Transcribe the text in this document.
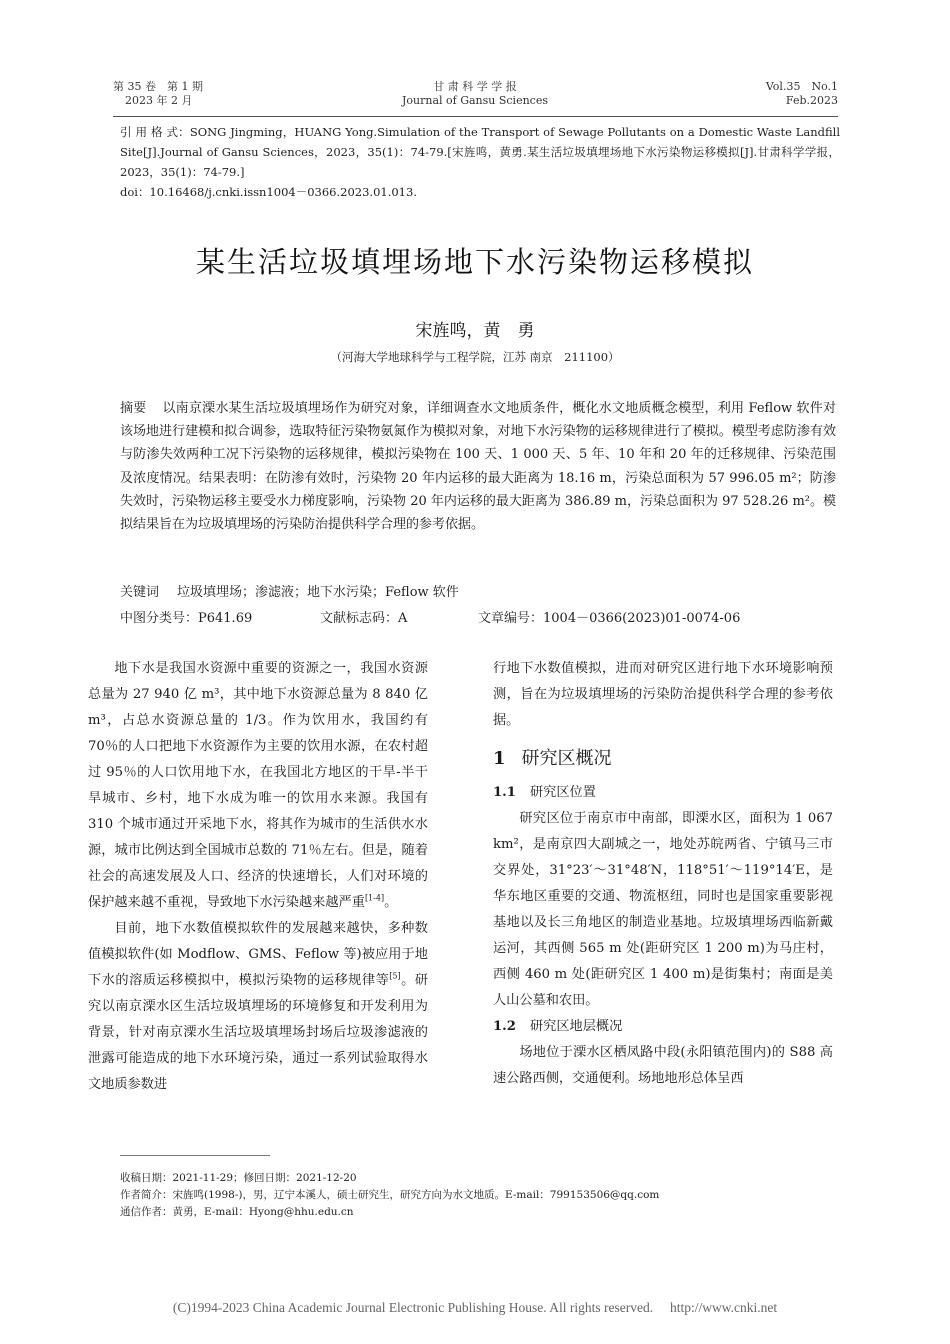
第 35 卷　第 1 期
2023 年 2 月
甘 肃 科 学 学 报
Journal of Gansu Sciences
Vol.35　No.1
Feb.2023
引 用 格 式：SONG Jingming，HUANG Yong.Simulation of the Transport of Sewage Pollutants on a Domestic Waste Landfill Site[J].Journal of Gansu Sciences，2023，35(1)：74-79.[宋旌鸣，黄勇.某生活垃圾填埋场地下水污染物运移模拟[J].甘肃科学学报，2023，35(1)：74-79.]
doi：10.16468/j.cnki.issn1004－0366.2023.01.013.
某生活垃圾填埋场地下水污染物运移模拟
宋旌鸣，黄　勇
（河海大学地球科学与工程学院，江苏 南京　211100）
摘要 以南京溧水某生活垃圾填埋场作为研究对象，详细调查水文地质条件，概化水文地质概念模型，利用 Feflow 软件对该场地进行建模和拟合调参，选取特征污染物氨氮作为模拟对象，对地下水污染物的运移规律进行了模拟。模型考虑防渗有效与防渗失效两种工况下污染物的运移规律，模拟污染物在 100 天、1 000 天、5 年、10 年和 20 年的迁移规律、污染范围及浓度情况。结果表明：在防渗有效时，污染物 20 年内运移的最大距离为 18.16 m，污染总面积为 57 996.05 m²；防渗失效时，污染物运移主要受水力梯度影响，污染物 20 年内运移的最大距离为 386.89 m，污染总面积为 97 528.26 m²。模拟结果旨在为垃圾填埋场的污染防治提供科学合理的参考依据。
关键词 垃圾填埋场；渗滤液；地下水污染；Feflow 软件
中图分类号：P641.69	文献标志码：A	文章编号：1004－0366(2023)01-0074-06

地下水是我国水资源中重要的资源之一，我国水资源总量为 27 940 亿 m³，其中地下水资源总量为 8 840 亿 m³，占总水资源总量的 1/3。作为饮用水，我国约有 70％的人口把地下水资源作为主要的饮用水源，在农村超过 95％的人口饮用地下水，在我国北方地区的干旱-半干旱城市、乡村，地下水成为唯一的饮用水来源。我国有 310 个城市通过开采地下水，将其作为城市的生活供水水源，城市比例达到全国城市总数的 71％左右。但是，随着社会的高速发展及人口、经济的快速增长，人们对环境的保护越来越不重视，导致地下水污染越来越严重[1-4]。

目前，地下水数值模拟软件的发展越来越快，多种数值模拟软件(如 Modflow、GMS、Feflow 等)被应用于地下水的溶质运移模拟中，模拟污染物的运移规律等[5]。研究以南京溧水区生活垃圾填埋场的环境修复和开发利用为背景，针对南京溧水生活垃圾填埋场封场后垃圾渗滤液的泄露可能造成的地下水环境污染，通过一系列试验取得水文地质参数进

行地下水数值模拟，进而对研究区进行地下水环境影响预测，旨在为垃圾填埋场的污染防治提供科学合理的参考依据。

1 研究区概况
1.1 研究区位置

研究区位于南京市中南部，即溧水区，面积为 1 067 km²，是南京四大副城之一，地处苏皖两省、宁镇马三市交界处，31°23′～31°48′N，118°51′～119°14′E，是华东地区重要的交通、物流枢纽，同时也是国家重要影视基地以及长三角地区的制造业基地。垃圾填埋场西临新戴运河，其西侧 565 m 处(距研究区 1 200 m)为马庄村，西侧 460 m 处(距研究区 1 400 m)是街集村；南面是美人山公墓和农田。

1.2 研究区地层概况

场地位于溧水区栖凤路中段(永阳镇范围内)的 S88 高速公路西侧，交通便利。场地地形总体呈西

收稿日期：2021-11-29；修回日期：2021-12-20
作者简介：宋旌鸣(1998-)，男，辽宁本溪人，硕士研究生，研究方向为水文地质。E-mail：799153506@qq.com
通信作者：黄勇，E-mail：Hyong@hhu.edu.cn
(C)1994-2023 China Academic Journal Electronic Publishing House. All rights reserved.　 http://www.cnki.net
